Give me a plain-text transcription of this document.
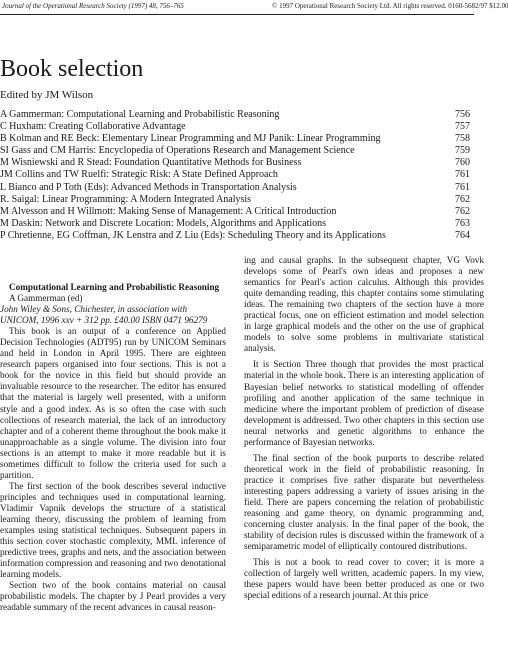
Journal of the Operational Research Society (1997) 48, 756–765	© 1997 Operational Research Society Ltd. All rights reserved. 0160-5682/97 $12.00
Book selection
Edited by JM Wilson
A Gammerman: Computational Learning and Probabilistic Reasoning	756
C Huxham: Creating Collaborative Advantage	757
B Kolman and RE Beck: Elementary Linear Programming and MJ Panik: Linear Programming	758
SI Gass and CM Harris: Encyclopedia of Operations Research and Management Science	759
M Wisniewski and R Stead: Foundation Quantitative Methods for Business	760
JM Collins and TW Ruelfi: Strategic Risk: A State Defined Approach	761
L Bianco and P Toth (Eds): Advanced Methods in Transportation Analysis	761
R. Saigal: Linear Programming: A Modern Integrated Analysis	762
M Alvesson and H Willmott: Making Sense of Management: A Critical Introduction	762
M Daskin: Network and Discrete Location: Models, Algorithms and Applications	763
P Chretienne, EG Coffman, JK Lenstra and Z Liu (Eds): Scheduling Theory and its Applications	764

Computational Learning and Probabilistic Reasoning

A Gammerman (ed)

John Wiley & Sons, Chichester, in association with
UNICOM, 1996 xxv + 312 pp. £40.00 ISBN 0471 96279

This book is an output of a conference on Applied Decision Technologies (ADT95) run by UNICOM Seminars and held in London in April 1995. There are eighteen research papers organised into four sections. This is not a book for the novice in this field but should provide an invaluable resource to the researcher. The editor has ensured that the material is largely well presented, with a uniform style and a good index. As is so often the case with such collections of research material, the lack of an introductory chapter and of a coherent theme throughout the book make it unapproachable as a single volume. The division into four sections is an attempt to make it more readable but it is sometimes difficult to follow the criteria used for such a partition.

The first section of the book describes several inductive principles and techniques used in computational learning. Vladimir Vapnik develops the structure of a statistical learning theory, discussing the problem of learning from examples using statistical techniques. Subsequent papers in this section cover stochastic complexity, MML inference of predictive trees, graphs and nets, and the association between information compression and reasoning and two denotational learning models.

Section two of the book contains material on causal probabilistic models. The chapter by J Pearl provides a very readable summary of the recent advances in causal reason-

ing and causal graphs. In the subsequent chapter, VG Vovk develops some of Pearl's own ideas and proposes a new semantics for Pearl's action calculus. Although this provides quite demanding reading, this chapter contains some stimulating ideas. The remaining two chapters of the section have a more practical focus, one on efficient estimation and model selection in large graphical models and the other on the use of graphical models to solve some problems in multivariate statistical analysis.

It is Section Three though that provides the most practical material in the whole book. There is an interesting application of Bayesian belief networks to statistical modelling of offender profiling and another application of the same technique in medicine where the important problem of prediction of disease development is addressed. Two other chapters in this section use neural networks and genetic algorithms to enhance the performance of Bayesian networks.

The final section of the book purports to describe related theoretical work in the field of probabilistic reasoning. In practice it comprises five rather disparate but nevertheless interesting papers addressing a variety of issues arising in the field. There are papers concerning the relation of probabilistic reasoning and game theory, on dynamic programming and, concerning cluster analysis. In the final paper of the book, the stability of decision rules is discussed within the framework of a semiparametric model of elliptically contoured distributions.

This is not a book to read cover to cover; it is more a collection of largely well written, academic papers. In my view, these papers would have been better produced as one or two special editions of a research journal. At this price
